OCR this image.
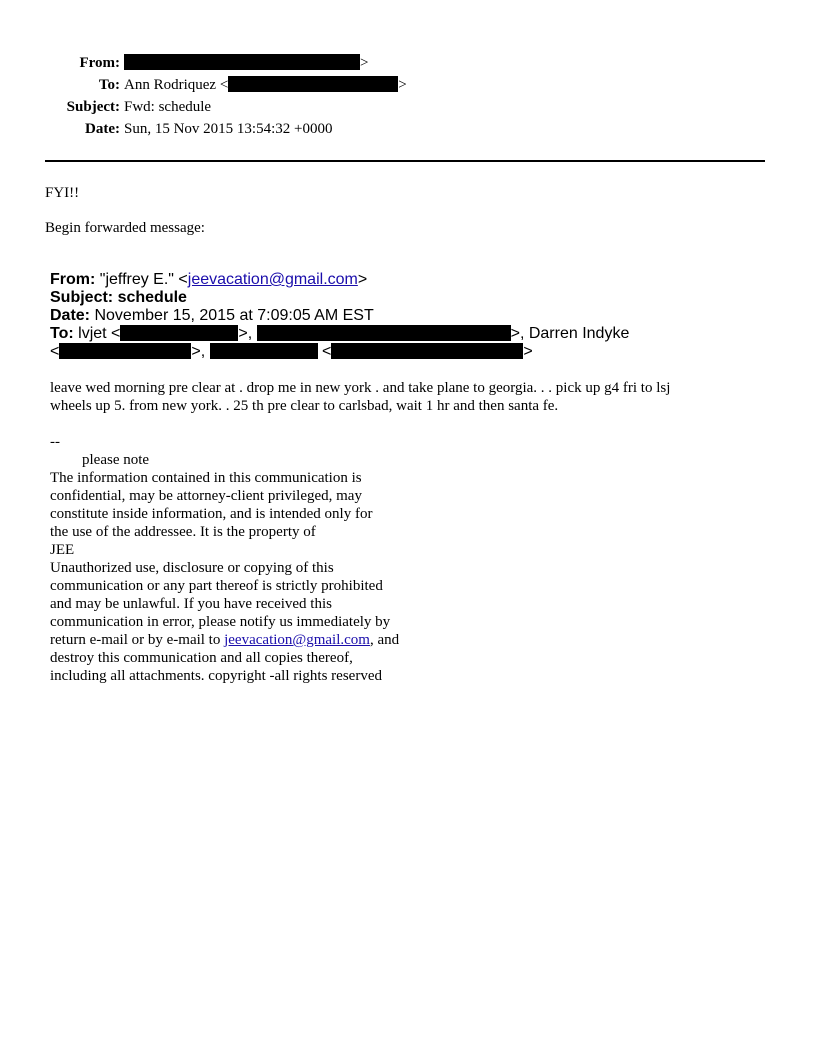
From:	>
To: Ann Rodriquez <	>
Subject: Fwd: schedule
Date: Sun, 15 Nov 2015 13:54:32 +0000
FYI!!
Begin forwarded message:
From: "jeffrey E." <jeevacation@gmail.com>
Subject: schedule
Date: November 15, 2015 at 7:09:05 AM EST
To: lvjet <	>,	>, Darren Indyke
<	>,	<	>
leave wed morning pre clear at . drop me in new york . and take plane to georgia. . . pick up g4 fri to lsj
wheels up 5. from new york. . 25 th pre clear to carlsbad, wait 1 hr and then santa fe.
--
please note
The information contained in this communication is
confidential, may be attorney-client privileged, may
constitute inside information, and is intended only for
the use of the addressee. It is the property of
JEE
Unauthorized use, disclosure or copying of this
communication or any part thereof is strictly prohibited
and may be unlawful. If you have received this
communication in error, please notify us immediately by
return e-mail or by e-mail to jeevacation@gmail.com, and
destroy this communication and all copies thereof,
including all attachments. copyright -all rights reserved
